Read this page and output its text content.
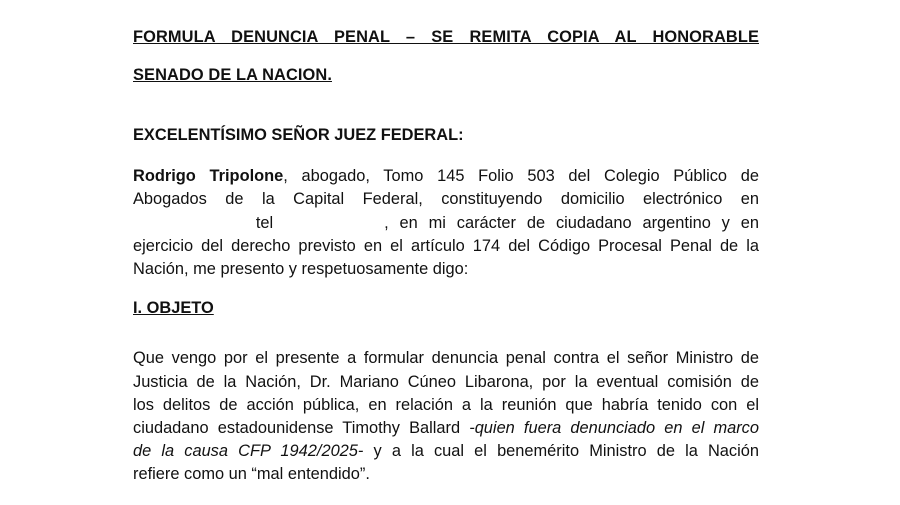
FORMULA DENUNCIA PENAL – SE REMITA COPIA AL HONORABLE
SENADO DE LA NACION.
EXCELENTÍSIMO SEÑOR JUEZ FEDERAL:
Rodrigo Tripolone, abogado, Tomo 145 Folio 503 del Colegio Público de
Abogados de la Capital Federal, constituyendo domicilio electrónico en
tel	, en mi carácter de ciudadano argentino y en
ejercicio del derecho previsto en el artículo 174 del Código Procesal Penal de la
Nación, me presento y respetuosamente digo:
I. OBJETO
Que vengo por el presente a formular denuncia penal contra el señor Ministro de
Justicia de la Nación, Dr. Mariano Cúneo Libarona, por la eventual comisión de
los delitos de acción pública, en relación a la reunión que habría tenido con el
ciudadano estadounidense Timothy Ballard -quien fuera denunciado en el marco
de la causa CFP 1942/2025- y a la cual el benemérito Ministro de la Nación
refiere como un “mal entendido”.
